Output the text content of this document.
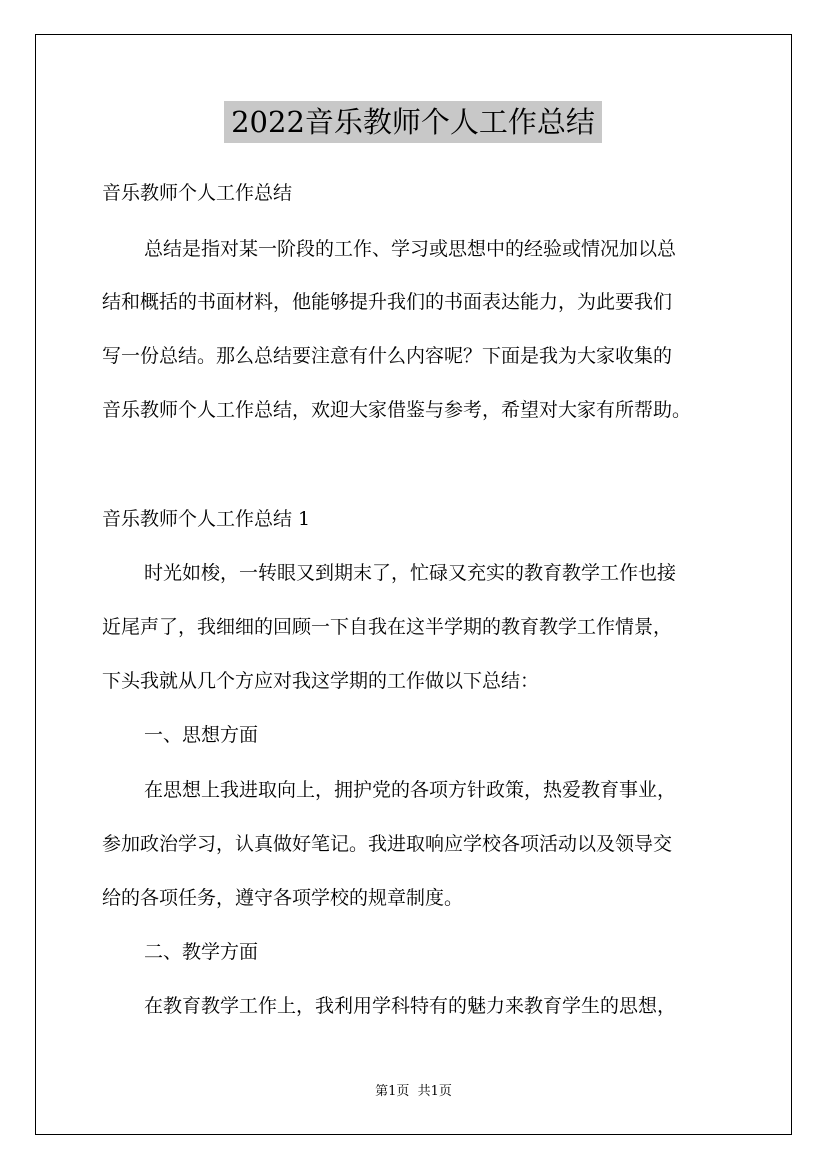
2022音乐教师个人工作总结
音乐教师个人工作总结
总结是指对某一阶段的工作、学习或思想中的经验或情况加以总
结和概括的书面材料，他能够提升我们的书面表达能力，为此要我们
写一份总结。那么总结要注意有什么内容呢？下面是我为大家收集的
音乐教师个人工作总结，欢迎大家借鉴与参考，希望对大家有所帮助。
音乐教师个人工作总结 1
时光如梭，一转眼又到期末了，忙碌又充实的教育教学工作也接
近尾声了，我细细的回顾一下自我在这半学期的教育教学工作情景，
下头我就从几个方应对我这学期的工作做以下总结：
一、思想方面
在思想上我进取向上，拥护党的各项方针政策，热爱教育事业，
参加政治学习，认真做好笔记。我进取响应学校各项活动以及领导交
给的各项任务，遵守各项学校的规章制度。
二、教学方面
在教育教学工作上，我利用学科特有的魅力来教育学生的思想，
第1页  共1页
